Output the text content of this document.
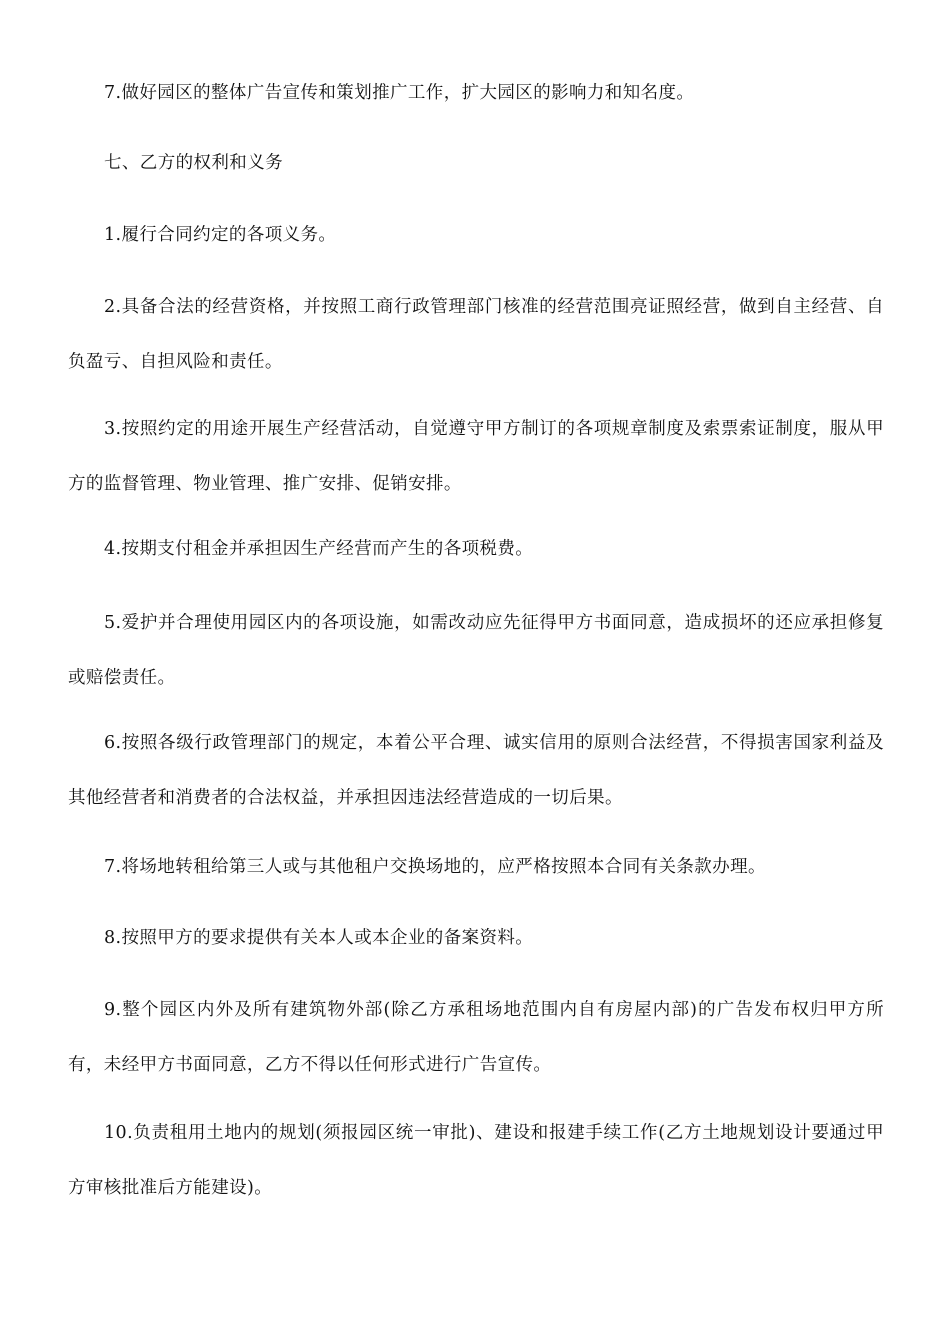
7.做好园区的整体广告宣传和策划推广工作，扩大园区的影响力和知名度。

七、乙方的权利和义务

1.履行合同约定的各项义务。

2.具备合法的经营资格，并按照工商行政管理部门核准的经营范围亮证照经营，做到自主经营、自负盈亏、自担风险和责任。

3.按照约定的用途开展生产经营活动，自觉遵守甲方制订的各项规章制度及索票索证制度，服从甲方的监督管理、物业管理、推广安排、促销安排。

4.按期支付租金并承担因生产经营而产生的各项税费。

5.爱护并合理使用园区内的各项设施，如需改动应先征得甲方书面同意，造成损坏的还应承担修复或赔偿责任。

6.按照各级行政管理部门的规定，本着公平合理、诚实信用的原则合法经营，不得损害国家利益及其他经营者和消费者的合法权益，并承担因违法经营造成的一切后果。

7.将场地转租给第三人或与其他租户交换场地的，应严格按照本合同有关条款办理。

8.按照甲方的要求提供有关本人或本企业的备案资料。

9.整个园区内外及所有建筑物外部(除乙方承租场地范围内自有房屋内部)的广告发布权归甲方所有，未经甲方书面同意，乙方不得以任何形式进行广告宣传。

10.负责租用土地内的规划(须报园区统一审批)、建设和报建手续工作(乙方土地规划设计要通过甲方审核批准后方能建设)。
